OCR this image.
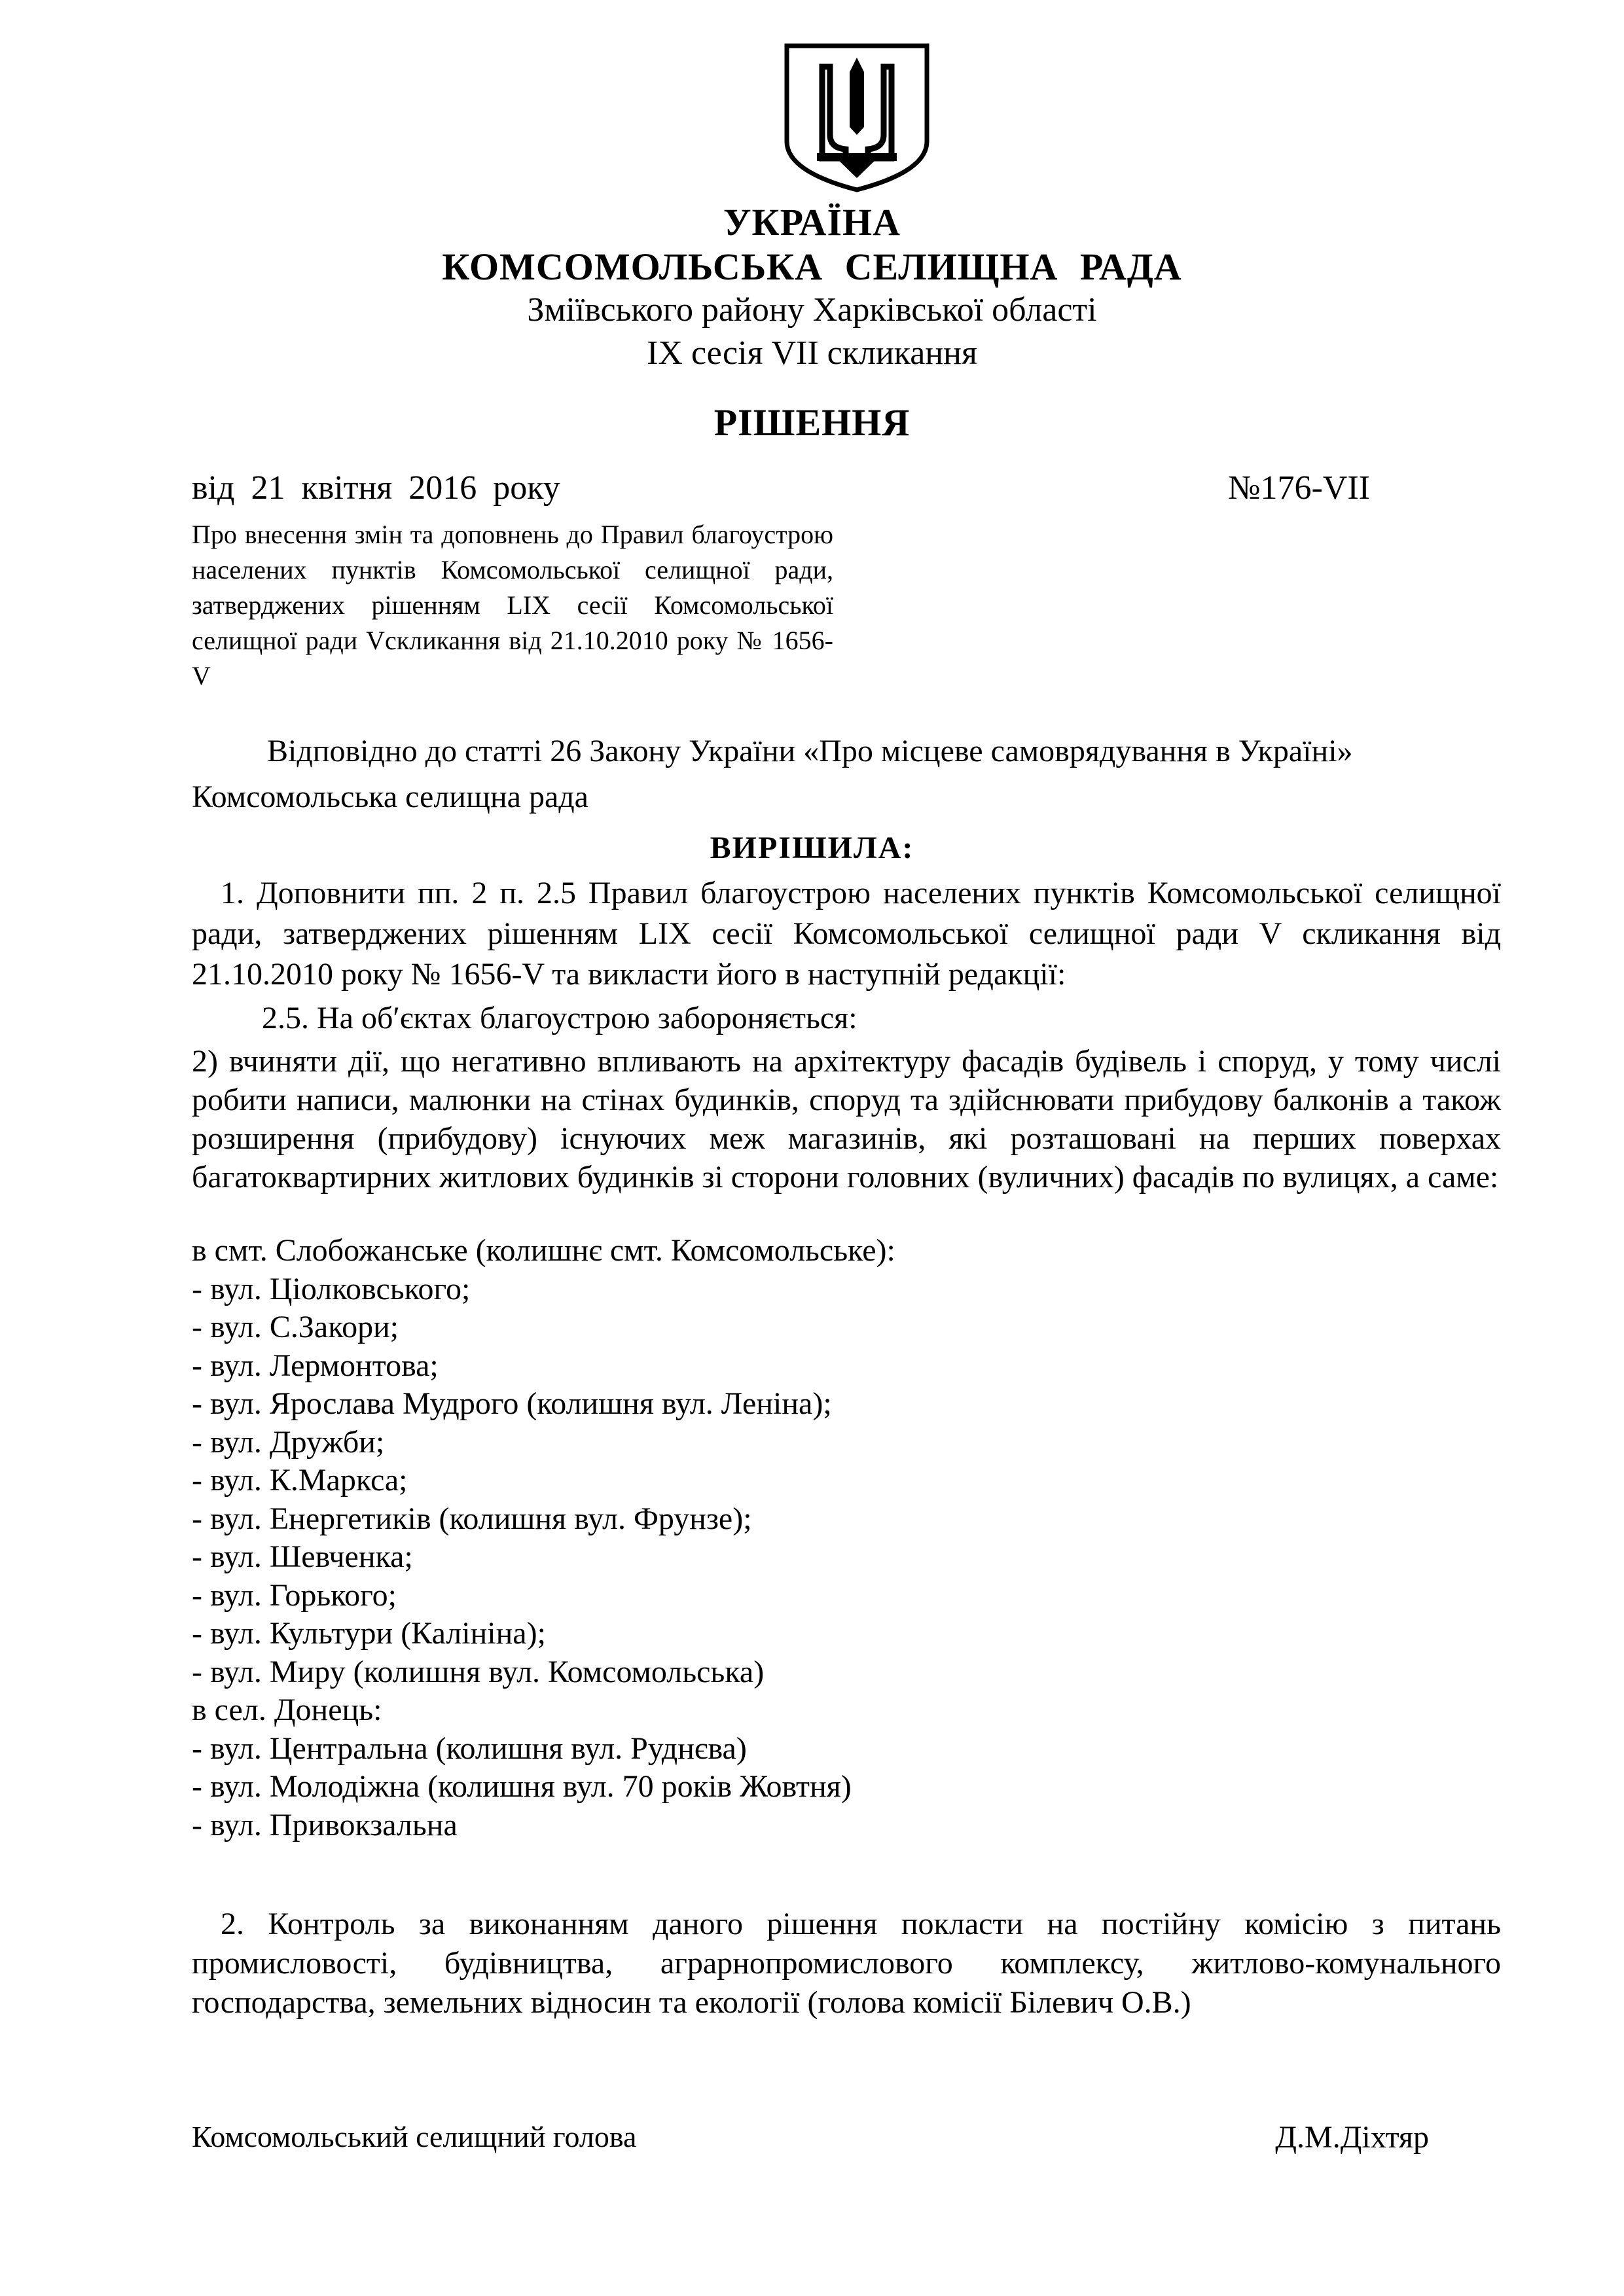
УКРАЇНА
КОМСОМОЛЬСЬКА СЕЛИЩНА РАДА
Зміївського району Харківської області
ІХ сесія VIІ скликання
РІШЕННЯ
від 21 квітня 2016 року	№176-VIІ
Про внесення змін та доповнень до Правил благоустрою населених пунктів Комсомольської селищної ради, затверджених рішенням LIX сесії Комсомольської селищної ради Vскликання від 21.10.2010 року № 1656-V
Відповідно до статті 26 Закону України «Про місцеве самоврядування в Україні»
Комсомольська селищна рада
ВИРІШИЛА:
1. Доповнити пп. 2 п. 2.5 Правил благоустрою населених пунктів Комсомольської селищної ради, затверджених рішенням LIX сесії Комсомольської селищної ради V скликання від 21.10.2010 року № 1656-V та викласти його в наступній редакції:
2.5. На об′єктах благоустрою забороняється:

2) вчиняти дії, що негативно впливають на архітектуру фасадів будівель і споруд, у тому числі робити написи, малюнки на стінах будинків, споруд та здійснювати прибудову балконів а також розширення (прибудову) існуючих меж магазинів, які розташовані на перших поверхах багатоквартирних житлових будинків зі сторони головних (вуличних) фасадів по вулицях, а саме:

в смт. Слобожанське (колишнє смт. Комсомольське):
- вул. Ціолковського;
- вул. С.Закори;
- вул. Лермонтова;
- вул. Ярослава Мудрого (колишня вул. Леніна);
- вул. Дружби;
- вул. К.Маркса;
- вул. Енергетиків (колишня вул. Фрунзе);
- вул. Шевченка;
- вул. Горького;
- вул. Культури (Калініна);
- вул. Миру (колишня вул. Комсомольська)
в сел. Донець:
- вул. Центральна (колишня вул. Руднєва)
- вул. Молодіжна (колишня вул. 70 років Жовтня)
- вул. Привокзальна
2. Контроль за виконанням даного рішення покласти на постійну комісію з питань промисловості, будівництва, аграрнопромислового комплексу, житлово-комунального господарства, земельних відносин та екології (голова комісії Білевич О.В.)
Комсомольський селищний голова	Д.М.Діхтяр
